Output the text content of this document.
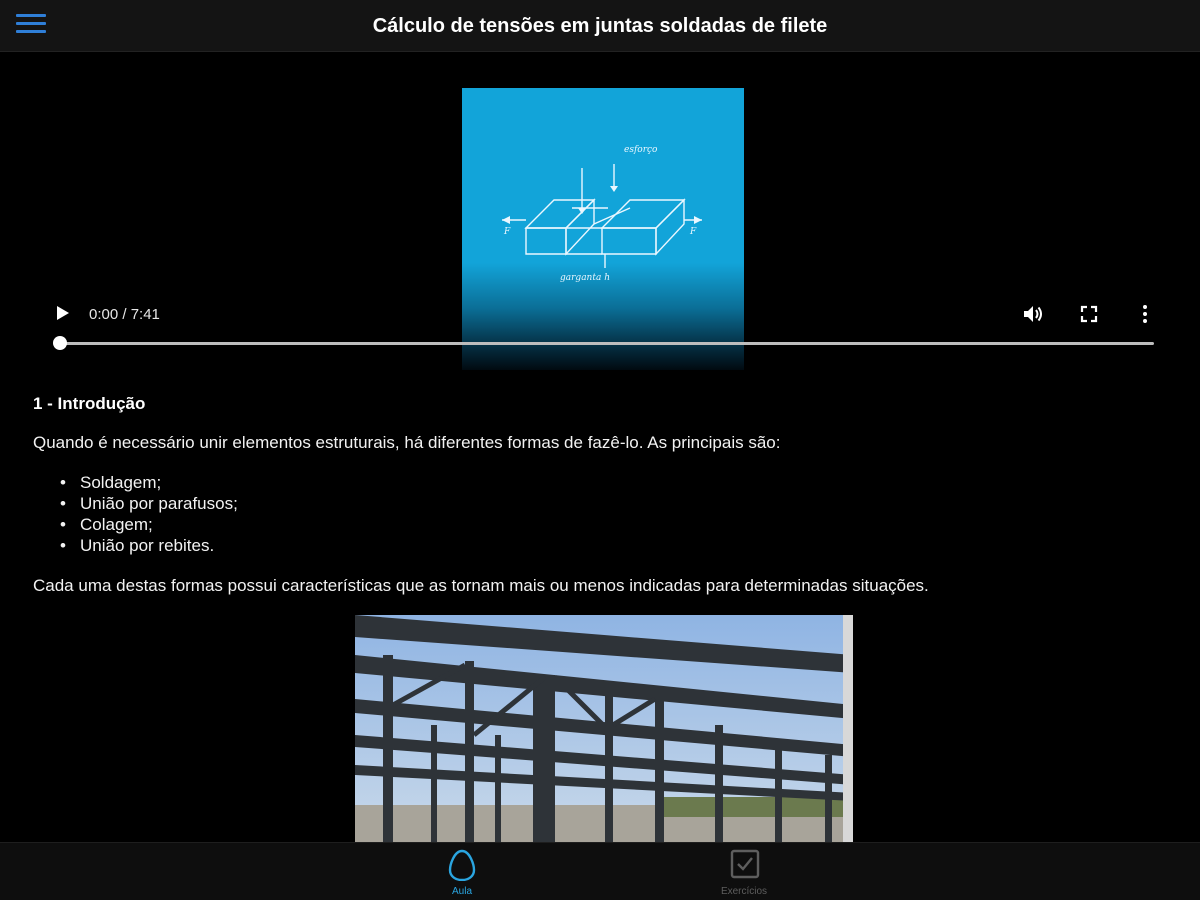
Cálculo de tensões em juntas soldadas de filete
esforço
F	F
garganta h
0:00 / 7:41
1 - Introdução
Quando é necessário unir elementos estruturais, há diferentes formas de fazê-lo. As principais são:
• Soldagem;
• União por parafusos;
• Colagem;
• União por rebites.
Cada uma destas formas possui características que as tornam mais ou menos indicadas para determinadas situações.
Aula	Exercícios
